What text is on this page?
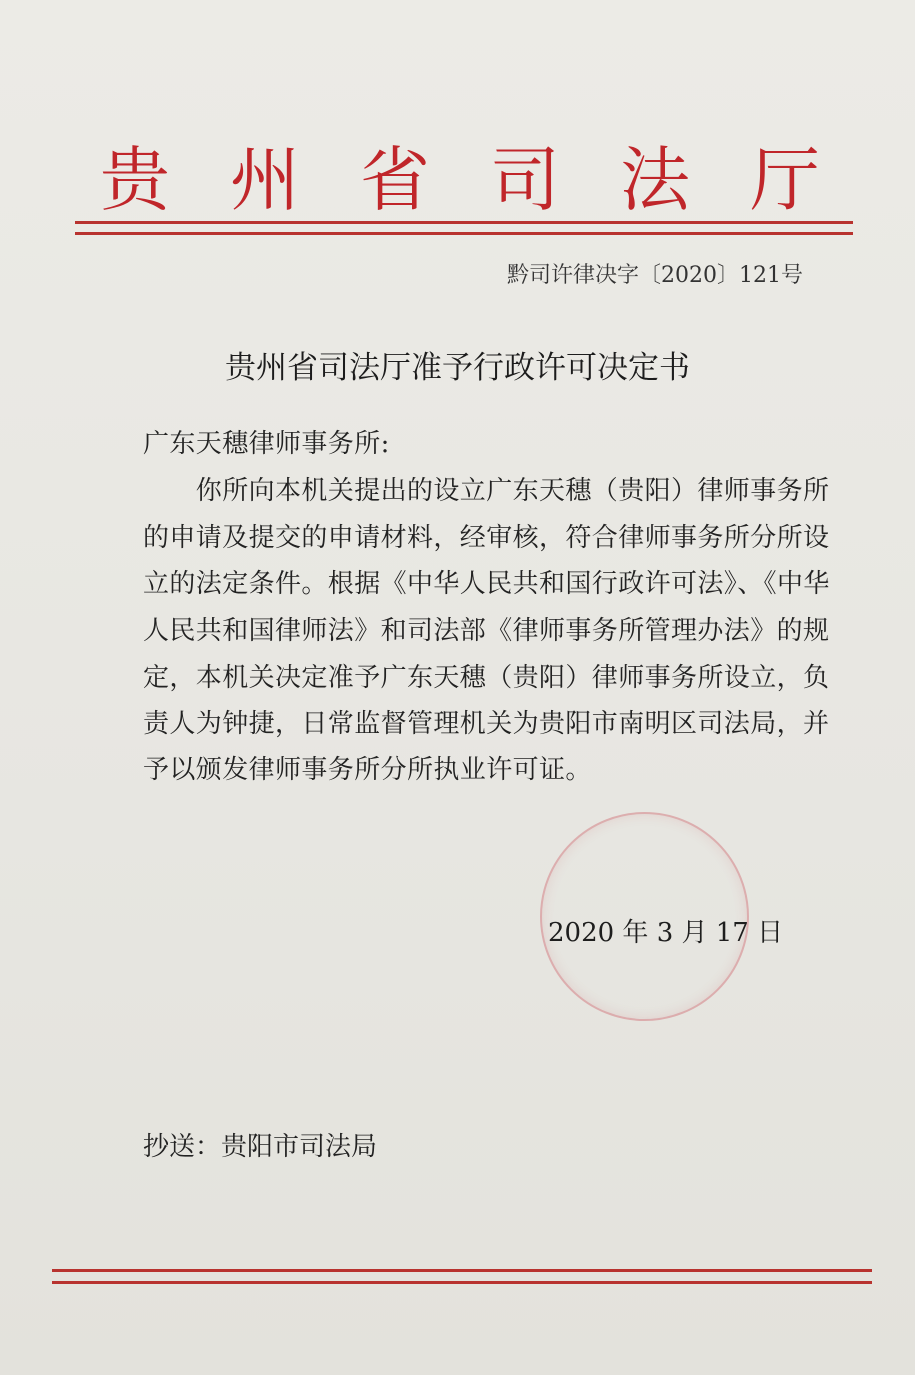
贵 州 省 司 法 厅
黔司许律决字〔2020〕121号
贵州省司法厅准予行政许可决定书
广东天穗律师事务所:
　　你所向本机关提出的设立广东天穗（贵阳）律师事务所
的申请及提交的申请材料，经审核，符合律师事务所分所设
立的法定条件。根据《中华人民共和国行政许可法》、《中华
人民共和国律师法》和司法部《律师事务所管理办法》的规
定，本机关决定准予广东天穗（贵阳）律师事务所设立，负
责人为钟捷，日常监督管理机关为贵阳市南明区司法局，并
予以颁发律师事务所分所执业许可证。
2020 年 3 月 17 日
抄送：贵阳市司法局
